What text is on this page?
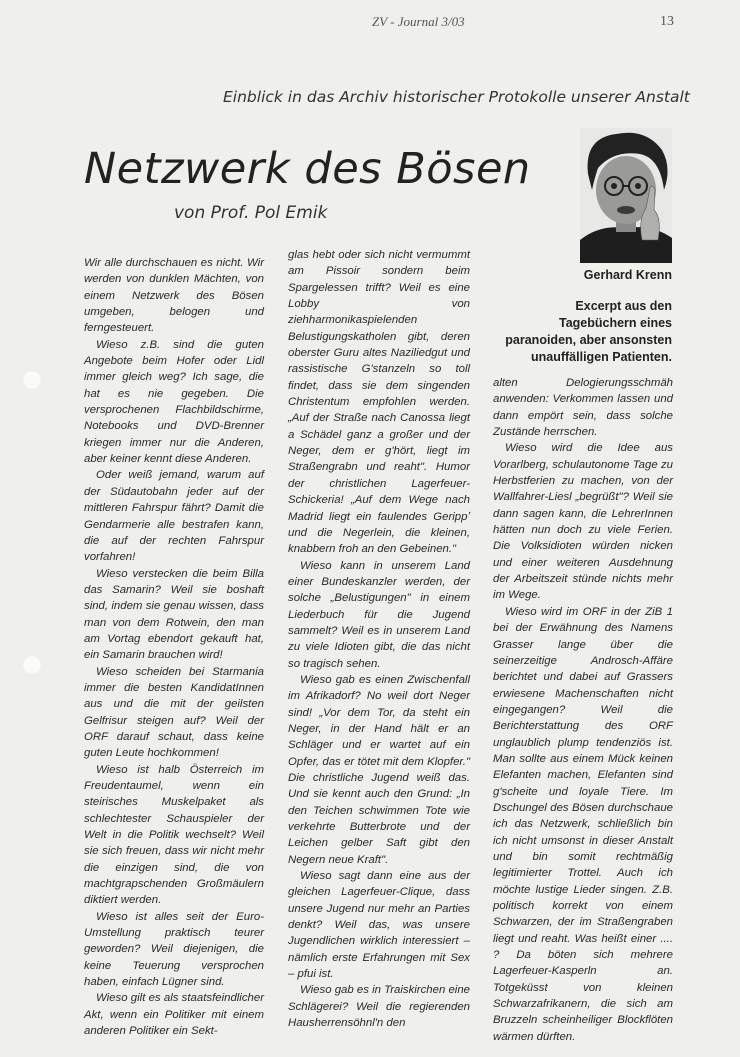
ZV - Journal 3/03	13
Einblick in das Archiv historischer Protokolle unserer Anstalt
Netzwerk des Bösen
von Prof. Pol Emik
Gerhard Krenn
Excerpt aus den Tagebüchern eines paranoiden, aber ansonsten unauffälligen Patienten.

Wir alle durchschauen es nicht. Wir werden von dunklen Mächten, von einem Netzwerk des Bösen umgeben, belogen und ferngesteuert.

Wieso z.B. sind die guten Angebote beim Hofer oder Lidl immer gleich weg? Ich sage, die hat es nie gegeben. Die versprochenen Flachbildschirme, Notebooks und DVD-Brenner kriegen immer nur die Anderen, aber keiner kennt diese Anderen.

Oder weiß jemand, warum auf der Südautobahn jeder auf der mittleren Fahrspur fährt? Damit die Gendarmerie alle bestrafen kann, die auf der rechten Fahrspur vorfahren!

Wieso verstecken die beim Billa das Samarin? Weil sie boshaft sind, indem sie genau wissen, dass man von dem Rotwein, den man am Vortag ebendort gekauft hat, ein Samarin brauchen wird!

Wieso scheiden bei Starmania immer die besten KandidatInnen aus und die mit der geilsten Gelfrisur steigen auf? Weil der ORF darauf schaut, dass keine guten Leute hochkommen!

Wieso ist halb Österreich im Freudentaumel, wenn ein steirisches Muskelpaket als schlechtester Schauspieler der Welt in die Politik wechselt? Weil sie sich freuen, dass wir nicht mehr die einzigen sind, die von machtgrapschenden Großmäulern diktiert werden.

Wieso ist alles seit der Euro-Umstellung praktisch teurer geworden? Weil diejenigen, die keine Teuerung versprochen haben, einfach Lügner sind.

Wieso gilt es als staatsfeindlicher Akt, wenn ein Politiker mit einem anderen Politiker ein Sekt-

glas hebt oder sich nicht vermummt am Pissoir sondern beim Spargelessen trifft? Weil es eine Lobby von ziehharmonikaspielenden Belustigungskatholen gibt, deren oberster Guru altes Naziliedgut und rassistische G'stanzeln so toll findet, dass sie dem singenden Christentum empfohlen werden. „Auf der Straße nach Canossa liegt a Schädel ganz a großer und der Neger, dem er g'hört, liegt im Straßengrabn und reaht". Humor der christlichen Lagerfeuer-Schickeria! „Auf dem Wege nach Madrid liegt ein faulendes Gerippʼ und die Negerlein, die kleinen, knabbern froh an den Gebeinen."

Wieso kann in unserem Land einer Bundeskanzler werden, der solche „Belustigungen" in einem Liederbuch für die Jugend sammelt? Weil es in unserem Land zu viele Idioten gibt, die das nicht so tragisch sehen.

Wieso gab es einen Zwischenfall im Afrikadorf? No weil dort Neger sind! „Vor dem Tor, da steht ein Neger, in der Hand hält er an Schläger und er wartet auf ein Opfer, das er tötet mit dem Klopfer." Die christliche Jugend weiß das. Und sie kennt auch den Grund: „In den Teichen schwimmen Tote wie verkehrte Butterbrote und der Leichen gelber Saft gibt den Negern neue Kraft".

Wieso sagt dann eine aus der gleichen Lagerfeuer-Clique, dass unsere Jugend nur mehr an Parties denkt? Weil das, was unsere Jugendlichen wirklich interessiert – nämlich erste Erfahrungen mit Sex – pfui ist.

Wieso gab es in Traiskirchen eine Schlägerei? Weil die regierenden Hausherrensöhnl'n den

alten Delogierungsschmäh anwenden: Verkommen lassen und dann empört sein, dass solche Zustände herrschen.

Wieso wird die Idee aus Vorarlberg, schulautonome Tage zu Herbstferien zu machen, von der Wallfahrer-Liesl „begrüßt"? Weil sie dann sagen kann, die LehrerInnen hätten nun doch zu viele Ferien. Die Volksidioten würden nicken und einer weiteren Ausdehnung der Arbeitszeit stünde nichts mehr im Wege.

Wieso wird im ORF in der ZiB 1 bei der Erwähnung des Namens Grasser lange über die seinerzeitige Androsch-Affäre berichtet und dabei auf Grassers erwiesene Machenschaften nicht eingegangen? Weil die Berichterstattung des ORF unglaublich plump tendenziös ist. Man sollte aus einem Mück keinen Elefanten machen, Elefanten sind g'scheite und loyale Tiere. Im Dschungel des Bösen durchschaue ich das Netzwerk, schließlich bin ich nicht umsonst in dieser Anstalt und bin somit rechtmäßig legitimierter Trottel. Auch ich möchte lustige Lieder singen. Z.B. politisch korrekt von einem Schwarzen, der im Straßengraben liegt und reaht. Was heißt einer .... ? Da böten sich mehrere Lagerfeuer-Kasperln an. Totgeküsst von kleinen Schwarzafrikanern, die sich am Bruzzeln scheinheiliger Blockflöten wärmen dürften.
